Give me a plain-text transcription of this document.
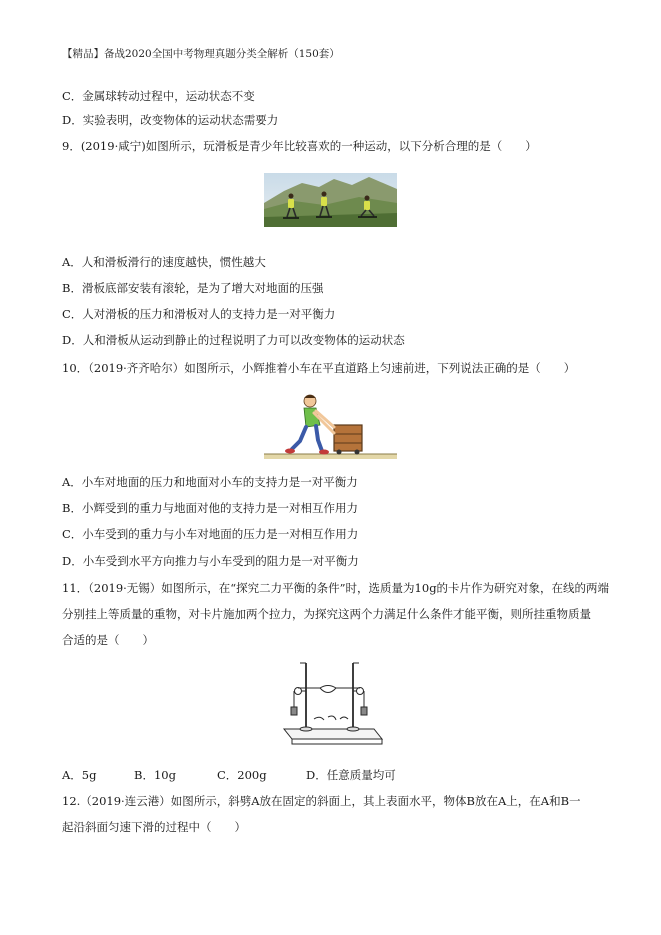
【精品】备战2020全国中考物理真题分类全解析（150套）
C．金属球转动过程中，运动状态不变
D．实验表明，改变物体的运动状态需要力
9．(2019·咸宁)如图所示，玩滑板是青少年比较喜欢的一种运动，以下分析合理的是（　　）
A．人和滑板滑行的速度越快，惯性越大
B．滑板底部安装有滚轮，是为了增大对地面的压强
C．人对滑板的压力和滑板对人的支持力是一对平衡力
D．人和滑板从运动到静止的过程说明了力可以改变物体的运动状态
10．（2019·齐齐哈尔）如图所示，小辉推着小车在平直道路上匀速前进，下列说法正确的是（　　）
A．小车对地面的压力和地面对小车的支持力是一对平衡力
B．小辉受到的重力与地面对他的支持力是一对相互作用力
C．小车受到的重力与小车对地面的压力是一对相互作用力
D．小车受到水平方向推力与小车受到的阻力是一对平衡力
11．（2019·无锡）如图所示，在“探究二力平衡的条件”时，选质量为10g的卡片作为研究对象，在线的两端
分别挂上等质量的重物，对卡片施加两个拉力，为探究这两个力满足什么条件才能平衡，则所挂重物质量
合适的是（　　）
A．5g	B．10g	C．200g	D．任意质量均可
12.（2019·连云港）如图所示，斜劈A放在固定的斜面上，其上表面水平，物体B放在A上，在A和B一
起沿斜面匀速下滑的过程中（　　）
